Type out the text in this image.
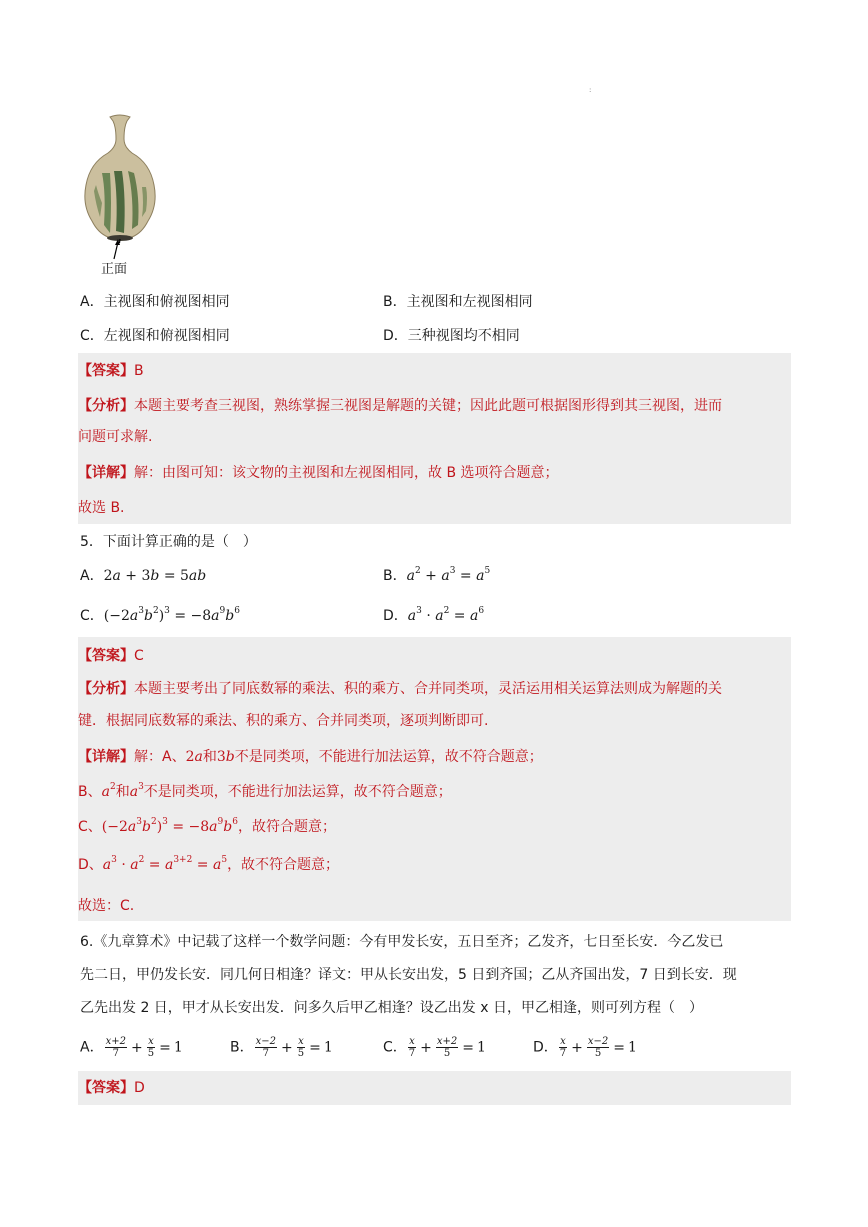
:
正面
A．主视图和俯视图相同	B．主视图和左视图相同
C．左视图和俯视图相同	D．三种视图均不相同
【答案】B
【分析】本题主要考查三视图，熟练掌握三视图是解题的关键；因此此题可根据图形得到其三视图，进而
问题可求解.
【详解】解：由图可知：该文物的主视图和左视图相同，故 B 选项符合题意；
故选 B.
5．下面计算正确的是（　）
A．2a + 3b = 5ab	B．$a^2 + a^3 = a^5$
C．$(-2a^3b^2)^3 = -8a^9b^6$	D．$a^3 \cdot a^2 = a^6$
【答案】C
【分析】本题主要考出了同底数幂的乘法、积的乘方、合并同类项，灵活运用相关运算法则成为解题的关
键．根据同底数幂的乘法、积的乘方、合并同类项，逐项判断即可.
【详解】解：A、2a和3b不是同类项，不能进行加法运算，故不符合题意；
B、$a^2$和$a^3$不是同类项，不能进行加法运算，故不符合题意；
C、$(-2a^3b^2)^3 = -8a^9b^6$，故符合题意；
D、$a^3 \cdot a^2 = a^{3+2} = a^5$，故不符合题意；
故选：C.
6.《九章算术》中记载了这样一个数学问题：今有甲发长安，五日至齐；乙发齐，七日至长安．今乙发已
先二日，甲仍发长安．同几何日相逢？译文：甲从长安出发，5 日到齐国；乙从齐国出发，7 日到长安．现
乙先出发 2 日，甲才从长安出发．问多久后甲乙相逢？设乙出发 x 日，甲乙相逢，则可列方程（　）
A． $\frac{x+2}{7} + \frac{x}{5} = 1$	B． $\frac{x-2}{7} + \frac{x}{5} = 1$	C． $\frac{x}{7} + \frac{x+2}{5} = 1$	D． $\frac{x}{7} + \frac{x-2}{5} = 1$
【答案】D
